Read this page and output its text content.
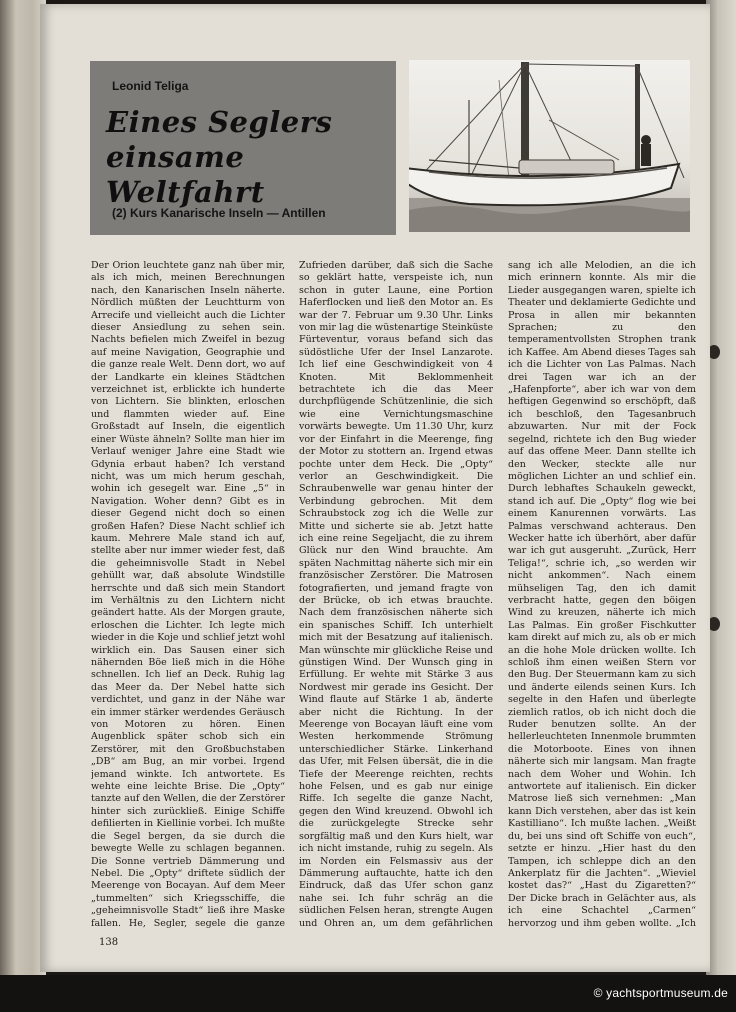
Leonid Teliga
Eines Seglers einsame Weltfahrt
(2) Kurs Kanarische Inseln — Antillen

Der Orion leuchtete ganz nah über mir, als ich mich, meinen Berechnungen nach, den Kanarischen Inseln näherte. Nördlich müßten der Leuchtturm von Arrecife und vielleicht auch die Lichter dieser Ansiedlung zu sehen sein. Nachts befielen mich Zweifel in bezug auf meine Navigation, Geographie und die ganze reale Welt. Denn dort, wo auf der Landkarte ein kleines Städtchen verzeichnet ist, erblickte ich hunderte von Lichtern. Sie blinkten, erloschen und flammten wieder auf. Eine Großstadt auf Inseln, die eigentlich einer Wüste ähneln? Sollte man hier im Verlauf weniger Jahre eine Stadt wie Gdynia erbaut haben? Ich verstand nicht, was um mich herum geschah, wohin ich gesegelt war. Eine „5“ in Navigation. Woher denn? Gibt es in dieser Gegend nicht doch so einen großen Hafen? Diese Nacht schlief ich kaum. Mehrere Male stand ich auf, stellte aber nur immer wieder fest, daß die geheimnisvolle Stadt in Nebel gehüllt war, daß absolute Windstille herrschte und daß sich mein Standort im Verhältnis zu den Lichtern nicht geändert hatte. Als der Morgen graute, erloschen die Lichter. Ich legte mich wieder in die Koje und schlief jetzt wohl wirklich ein. Das Sausen einer sich nähernden Böe ließ mich in die Höhe schnellen. Ich lief an Deck. Ruhig lag das Meer da. Der Nebel hatte sich verdichtet, und ganz in der Nähe war ein immer stärker werdendes Geräusch von Motoren zu hören. Einen Augenblick später schob sich ein Zerstörer, mit den Großbuchstaben „DB“ am Bug, an mir vorbei. Irgend jemand winkte. Ich antwortete. Es wehte eine leichte Brise. Die „Opty“ tanzte auf den Wellen, die der Zerstörer hinter sich zurückließ. Einige Schiffe defilierten in Kiellinie vorbei. Ich mußte die Segel bergen, da sie durch die bewegte Welle zu schlagen begannen. Die Sonne vertrieb Dämmerung und Nebel. Die „Opty“ driftete südlich der Meerenge von Bocayan. Auf dem Meer „tummelten“ sich Kriegsschiffe, die „geheimnisvolle Stadt“ ließ ihre Maske fallen. He, Segler, segele die ganze

Zufrieden darüber, daß sich die Sache so geklärt hatte, verspeiste ich, nun schon in guter Laune, eine Portion Haferflocken und ließ den Motor an. Es war der 7. Februar um 9.30 Uhr. Links von mir lag die wüstenartige Steinküste Fürteventur, voraus befand sich das südöstliche Ufer der Insel Lanzarote. Ich lief eine Geschwindigkeit von 4 Knoten. Mit Beklommenheit betrachtete ich die das Meer durchpflügende Schützenlinie, die sich wie eine Vernichtungsmaschine vorwärts bewegte. Um 11.30 Uhr, kurz vor der Einfahrt in die Meerenge, fing der Motor zu stottern an. Irgend etwas pochte unter dem Heck. Die „Opty“ verlor an Geschwindigkeit. Die Schraubenwelle war genau hinter der Verbindung gebrochen. Mit dem Schraubstock zog ich die Welle zur Mitte und sicherte sie ab. Jetzt hatte ich eine reine Segeljacht, die zu ihrem Glück nur den Wind brauchte. Am späten Nachmittag näherte sich mir ein französischer Zerstörer. Die Matrosen fotografierten, und jemand fragte von der Brücke, ob ich etwas brauchte. Nach dem französischen näherte sich ein spanisches Schiff. Ich unterhielt mich mit der Besatzung auf italienisch. Man wünschte mir glückliche Reise und günstigen Wind. Der Wunsch ging in Erfüllung. Er wehte mit Stärke 3 aus Nordwest mir gerade ins Gesicht. Der Wind flaute auf Stärke 1 ab, änderte aber nicht die Richtung. In der Meerenge von Bocayan läuft eine vom Westen herkommende Strömung unterschiedlicher Stärke. Linkerhand das Ufer, mit Felsen übersät, die in die Tiefe der Meerenge reichten, rechts hohe Felsen, und es gab nur einige Riffe. Ich segelte die ganze Nacht, gegen den Wind kreuzend. Obwohl ich die zurückgelegte Strecke sehr sorgfältig maß und den Kurs hielt, war ich nicht imstande, ruhig zu segeln. Als im Norden ein Felsmassiv aus der Dämmerung auftauchte, hatte ich den Eindruck, daß das Ufer schon ganz nahe sei. Ich fuhr schräg an die südlichen Felsen heran, strengte Augen und Ohren an, um dem gefährlichen

sang ich alle Melodien, an die ich mich erinnern konnte. Als mir die Lieder ausgegangen waren, spielte ich Theater und deklamierte Gedichte und Prosa in allen mir bekannten Sprachen; zu den temperamentvollsten Strophen trank ich Kaffee. Am Abend dieses Tages sah ich die Lichter von Las Palmas. Nach drei Tagen war ich an der „Hafenpforte“, aber ich war von dem heftigen Gegenwind so erschöpft, daß ich beschloß, den Tagesanbruch abzuwarten. Nur mit der Fock segelnd, richtete ich den Bug wieder auf das offene Meer. Dann stellte ich den Wecker, steckte alle nur möglichen Lichter an und schlief ein. Durch lebhaftes Schaukeln geweckt, stand ich auf. Die „Opty“ flog wie bei einem Kanurennen vorwärts. Las Palmas verschwand achteraus. Den Wecker hatte ich überhört, aber dafür war ich gut ausgeruht. „Zurück, Herr Teliga!“, schrie ich, „so werden wir nicht ankommen“. Nach einem mühseligen Tag, den ich damit verbracht hatte, gegen den böigen Wind zu kreuzen, näherte ich mich Las Palmas. Ein großer Fischkutter kam direkt auf mich zu, als ob er mich an die hohe Mole drücken wollte. Ich schloß ihm einen weißen Stern vor den Bug. Der Steuermann kam zu sich und änderte eilends seinen Kurs. Ich segelte in den Hafen und überlegte ziemlich ratlos, ob ich nicht doch die Ruder benutzen sollte. An der hellerleuchteten Innenmole brummten die Motorboote. Eines von ihnen näherte sich mir langsam. Man fragte nach dem Woher und Wohin. Ich antwortete auf italienisch. Ein dicker Matrose ließ sich vernehmen: „Man kann Dich verstehen, aber das ist kein Kastilliano“. Ich mußte lachen. „Weißt du, bei uns sind oft Schiffe von euch“, setzte er hinzu. „Hier hast du den Tampen, ich schleppe dich an den Ankerplatz für die Jachten“. „Wieviel kostet das?“ „Hast du Zigaretten?“ Der Dicke brach in Gelächter aus, als ich eine Schachtel „Carmen“ hervorzog und ihm geben wollte. „Ich

138
© yachtsportmuseum.de
